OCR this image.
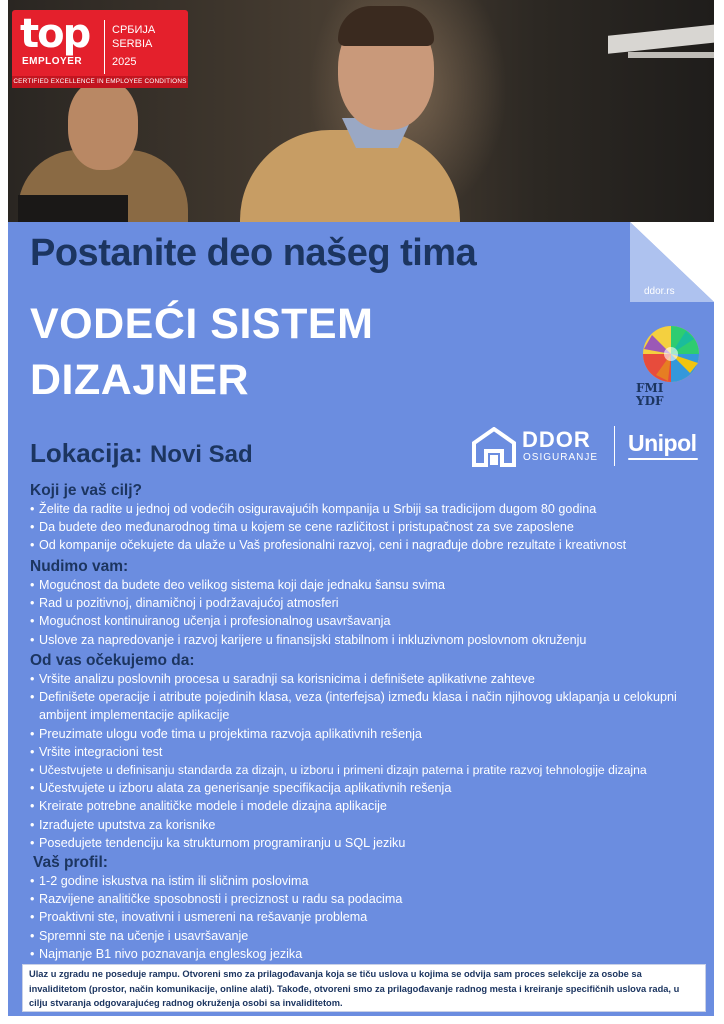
top
EMPLOYER
СРБИЈА
SERBIA
2025
CERTIFIED EXCELLENCE IN EMPLOYEE CONDITIONS
Postanite deo našeg tima
ddor.rs
VODEĆI SISTEM DIZAJNER
Lokacija: Novi Sad
FMI
YDF
DDOR
OSIGURANJE
Unipol
Koji je vaš cilj?
• Želite da radite u jednoj od vodećih osiguravajućih kompanija u Srbiji sa tradicijom dugom 80 godina
• Da budete deo međunarodnog tima u kojem se cene različitost i pristupačnost za sve zaposlene
• Od kompanije očekujete da ulaže u Vaš profesionalni razvoj, ceni i nagrađuje dobre rezultate i kreativnost
Nudimo vam:
• Mogućnost da budete deo velikog sistema koji daje jednaku šansu svima
• Rad u pozitivnoj, dinamičnoj i podržavajućoj atmosferi
• Mogućnost kontinuiranog učenja i profesionalnog usavršavanja
• Uslove za napredovanje i razvoj karijere u finansijski stabilnom i inkluzivnom poslovnom okruženju
Od vas očekujemo da:
• Vršite analizu poslovnih procesa u saradnji sa korisnicima i definišete aplikativne zahteve
• Definišete operacije i atribute pojedinih klasa, veza (interfejsa) između klasa i način njihovog uklapanja u celokupni ambijent implementacije aplikacije
• Preuzimate ulogu vođe tima u projektima razvoja aplikativnih rešenja
• Vršite integracioni test
• Učestvujete u definisanju standarda za dizajn, u izboru i primeni dizajn paterna i pratite razvoj tehnologije dizajna
• Učestvujete u izboru alata za generisanje specifikacija aplikativnih rešenja
• Kreirate potrebne analitičke modele i modele dizajna aplikacije
• Izrađujete uputstva za korisnike
• Posedujete tendenciju ka strukturnom programiranju u SQL jeziku
Vaš profil:
• 1-2 godine iskustva na istim ili sličnim poslovima
• Razvijene analitičke sposobnosti i preciznost u radu sa podacima
• Proaktivni ste, inovativni i usmereni na rešavanje problema
• Spremni ste na učenje i usavršavanje
• Najmanje B1 nivo poznavanja engleskog jezika

Ulaz u zgradu ne poseduje rampu. Otvoreni smo za prilagođavanja koja se tiču uslova u kojima se odvija sam proces selekcije za osobe sa invaliditetom (prostor, način komunikacije, online alati). Takođe, otvoreni smo za prilagođavanje radnog mesta i kreiranje specifičnih uslova rada, u cilju stvaranja odgovarajućeg radnog okruženja osobi sa invaliditetom.
